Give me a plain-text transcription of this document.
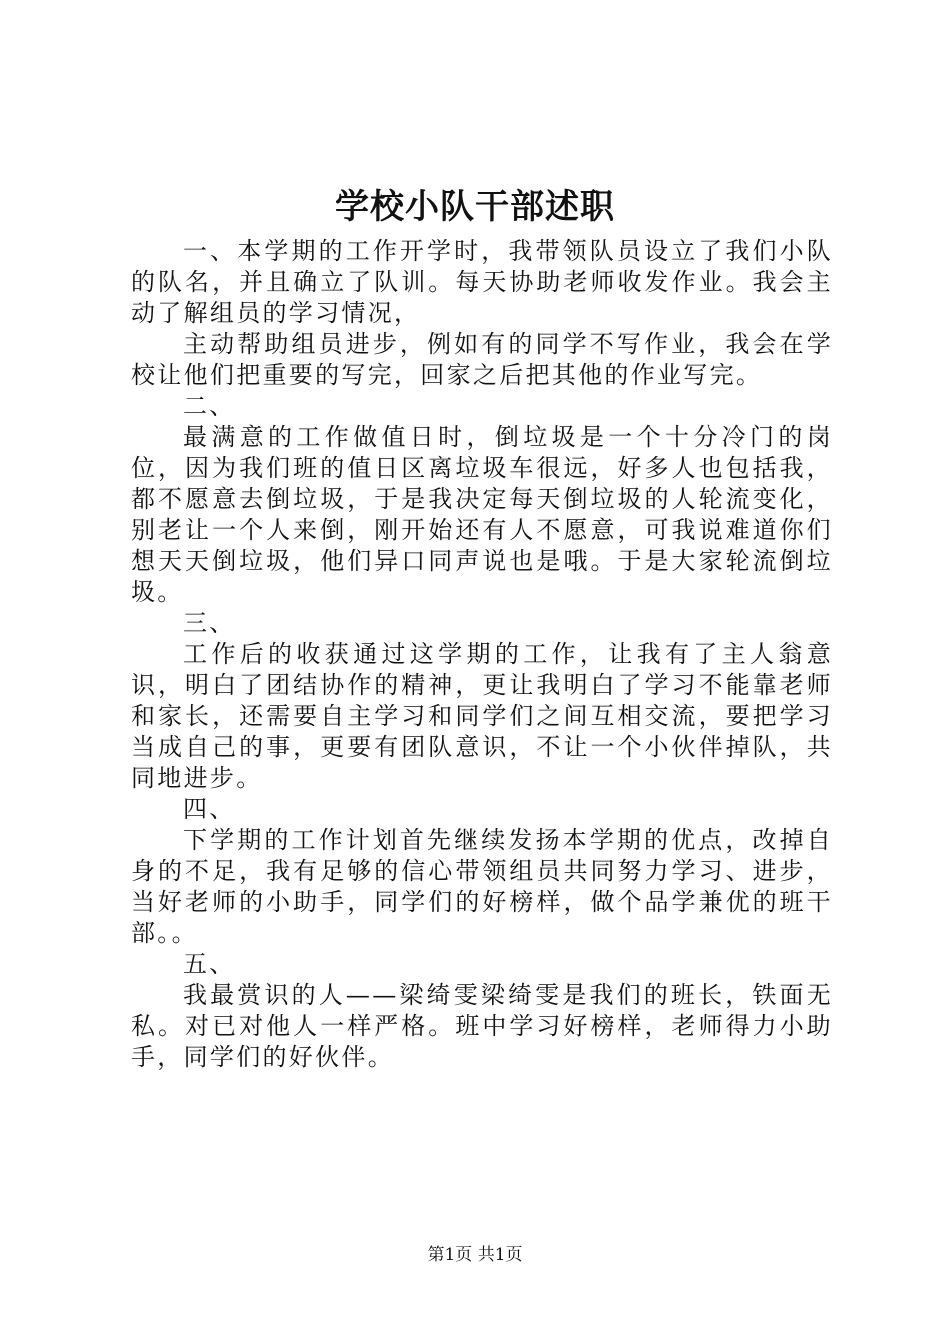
学校小队干部述职

一、本学期的工作开学时，我带领队员设立了我们小队的队名，并且确立了队训。每天协助老师收发作业。我会主动了解组员的学习情况，

主动帮助组员进步，例如有的同学不写作业，我会在学校让他们把重要的写完，回家之后把其他的作业写完。

二、

最满意的工作做值日时，倒垃圾是一个十分冷门的岗位，因为我们班的值日区离垃圾车很远，好多人也包括我，都不愿意去倒垃圾，于是我决定每天倒垃圾的人轮流变化，别老让一个人来倒，刚开始还有人不愿意，可我说难道你们想天天倒垃圾，他们异口同声说也是哦。于是大家轮流倒垃圾。

三、

工作后的收获通过这学期的工作，让我有了主人翁意识，明白了团结协作的精神，更让我明白了学习不能靠老师和家长，还需要自主学习和同学们之间互相交流，要把学习当成自己的事，更要有团队意识，不让一个小伙伴掉队，共同地进步。

四、

下学期的工作计划首先继续发扬本学期的优点，改掉自身的不足，我有足够的信心带领组员共同努力学习、进步，当好老师的小助手，同学们的好榜样，做个品学兼优的班干部。。

五、

我最赏识的人——梁绮雯梁绮雯是我们的班长，铁面无私。对已对他人一样严格。班中学习好榜样，老师得力小助手，同学们的好伙伴。

第1页 共1页
